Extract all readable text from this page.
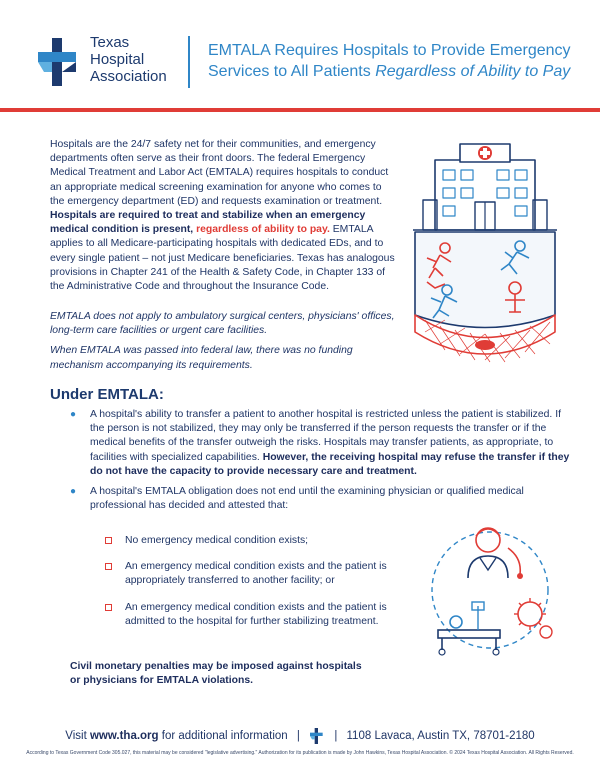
Texas
Hospital
Association
EMTALA Requires Hospitals to Provide Emergency
Services to All Patients Regardless of Ability to Pay
Hospitals are the 24/7 safety net for their communities, and emergency departments often serve as their front doors. The federal Emergency Medical Treatment and Labor Act (EMTALA) requires hospitals to conduct an appropriate medical screening examination for anyone who comes to the emergency department (ED) and requests examination or treatment. Hospitals are required to treat and stabilize when an emergency medical condition is present, regardless of ability to pay. EMTALA applies to all Medicare-participating hospitals with dedicated EDs, and to every single patient – not just Medicare beneficiaries. Texas has analogous provisions in Chapter 241 of the Health & Safety Code, in Chapter 133 of the Administrative Code and throughout the Insurance Code.

EMTALA does not apply to ambulatory surgical centers, physicians' offices, long-term care facilities or urgent care facilities.

When EMTALA was passed into federal law, there was no funding mechanism accompanying its requirements.

Under EMTALA:
● A hospital's ability to transfer a patient to another hospital is restricted unless the patient is stabilized. If the person is not stabilized, they may only be transferred if the person requests the transfer or if the medical benefits of the transfer outweigh the risks. Hospitals may transfer patients, as appropriate, to facilities with specialized capabilities. However, the receiving hospital may refuse the transfer if they do not have the capacity to provide necessary care and treatment.
● A hospital's EMTALA obligation does not end until the examining physician or qualified medical professional has decided and attested that:
No emergency medical condition exists;
An emergency medical condition exists and the patient is appropriately transferred to another facility; or
An emergency medical condition exists and the patient is admitted to the hospital for further stabilizing treatment.
Civil monetary penalties may be imposed against hospitals or physicians for EMTALA violations.
Visit www.tha.org for additional information |	| 1108 Lavaca, Austin TX, 78701-2180
According to Texas Government Code 305.027, this material may be considered "legislative advertising." Authorization for its publication is made by John Hawkins, Texas Hospital Association. © 2024 Texas Hospital Association. All Rights Reserved.
